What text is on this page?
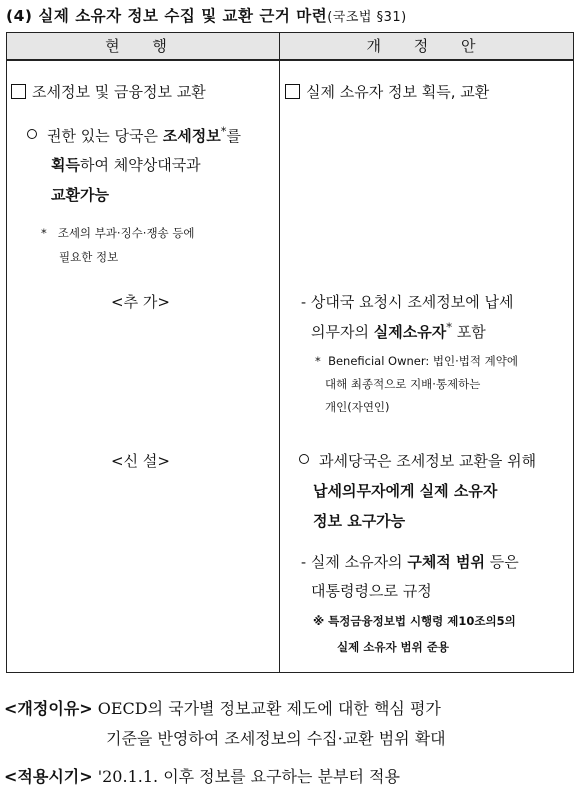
(4) 실제 소유자 정보 수집 및 교환 근거 마련(국조법 §31)
현 행	개 정 안
조세정보 및 금융정보 교환
권한 있는 당국은 조세정보*를
획득하여 체약상대국과
교환가능
* 조세의 부과·징수·쟁송 등에
필요한 정보
<추 가>
<신 설>
실제 소유자 정보 획득, 교환
- 상대국 요청시 조세정보에 납세
의무자의 실제소유자* 포함
*  Beneficial Owner: 법인·법적 계약에
대해 최종적으로 지배·통제하는
개인(자연인)
과세당국은 조세정보 교환을 위해
납세의무자에게 실제 소유자
정보 요구가능
- 실제 소유자의 구체적 범위 등은
대통령령으로 규정
※ 특정금융정보법 시행령 제10조의5의
실제 소유자 범위 준용
<개정이유> OECD의 국가별 정보교환 제도에 대한 핵심 평가
기준을 반영하여 조세정보의 수집·교환 범위 확대
<적용시기> '20.1.1. 이후 정보를 요구하는 분부터 적용
